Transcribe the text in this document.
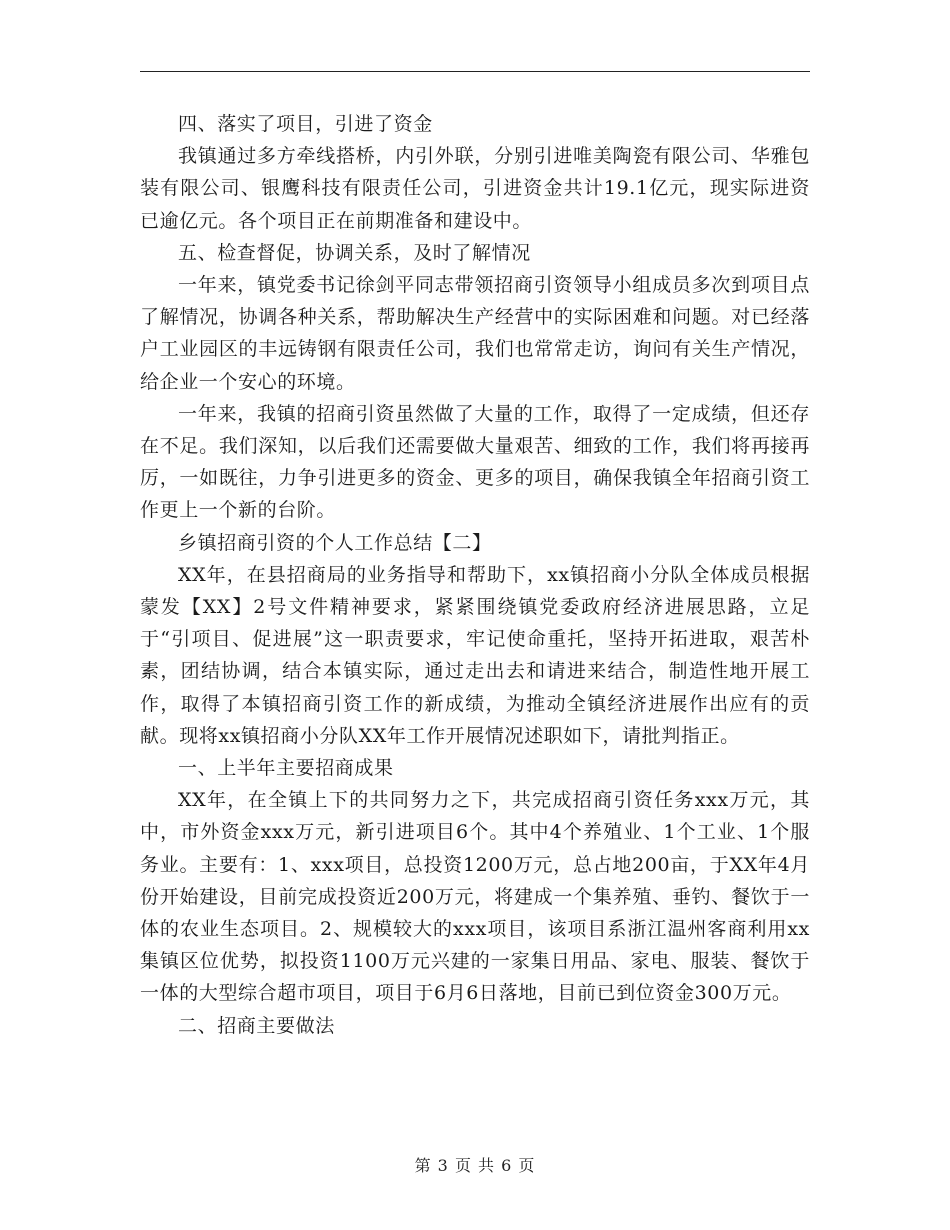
四、落实了项目，引进了资金

我镇通过多方牵线搭桥，内引外联，分别引进唯美陶瓷有限公司、华雅包装有限公司、银鹰科技有限责任公司，引进资金共计19.1亿元，现实际进资已逾亿元。各个项目正在前期准备和建设中。

五、检查督促，协调关系，及时了解情况

一年来，镇党委书记徐剑平同志带领招商引资领导小组成员多次到项目点了解情况，协调各种关系，帮助解决生产经营中的实际困难和问题。对已经落户工业园区的丰远铸钢有限责任公司，我们也常常走访，询问有关生产情况，给企业一个安心的环境。

一年来，我镇的招商引资虽然做了大量的工作，取得了一定成绩，但还存在不足。我们深知，以后我们还需要做大量艰苦、细致的工作，我们将再接再厉，一如既往，力争引进更多的资金、更多的项目，确保我镇全年招商引资工作更上一个新的台阶。

乡镇招商引资的个人工作总结【二】

XX年，在县招商局的业务指导和帮助下，xx镇招商小分队全体成员根据蒙发【XX】2号文件精神要求，紧紧围绕镇党委政府经济进展思路，立足于“引项目、促进展”这一职责要求，牢记使命重托，坚持开拓进取，艰苦朴素，团结协调，结合本镇实际，通过走出去和请进来结合，制造性地开展工作，取得了本镇招商引资工作的新成绩，为推动全镇经济进展作出应有的贡献。现将xx镇招商小分队XX年工作开展情况述职如下，请批判指正。

一、上半年主要招商成果

XX年，在全镇上下的共同努力之下，共完成招商引资任务xxx万元，其中，市外资金xxx万元，新引进项目6个。其中4个养殖业、1个工业、1个服务业。主要有：1、xxx项目，总投资1200万元，总占地200亩，于XX年4月份开始建设，目前完成投资近200万元，将建成一个集养殖、垂钓、餐饮于一体的农业生态项目。2、规模较大的xxx项目，该项目系浙江温州客商利用xx集镇区位优势，拟投资1100万元兴建的一家集日用品、家电、服装、餐饮于一体的大型综合超市项目，项目于6月6日落地，目前已到位资金300万元。

二、招商主要做法

第 3 页 共 6 页
